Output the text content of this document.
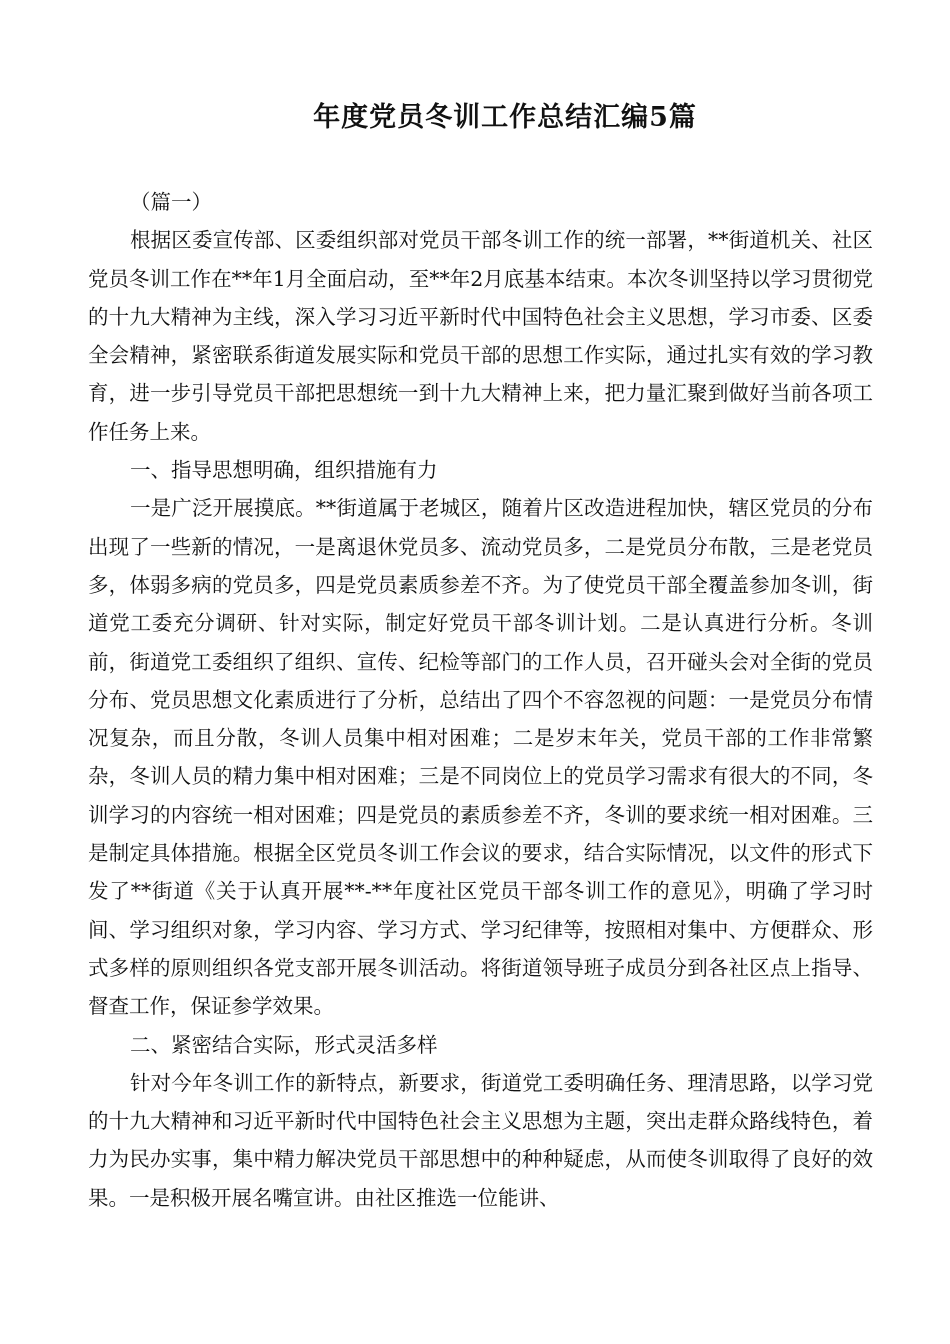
年度党员冬训工作总结汇编5篇

（篇一）

根据区委宣传部、区委组织部对党员干部冬训工作的统一部署，**街道机关、社区党员冬训工作在**年1月全面启动，至**年2月底基本结束。本次冬训坚持以学习贯彻党的十九大精神为主线，深入学习习近平新时代中国特色社会主义思想，学习市委、区委全会精神，紧密联系街道发展实际和党员干部的思想工作实际，通过扎实有效的学习教育，进一步引导党员干部把思想统一到十九大精神上来，把力量汇聚到做好当前各项工作任务上来。

一、指导思想明确，组织措施有力

一是广泛开展摸底。**街道属于老城区，随着片区改造进程加快，辖区党员的分布出现了一些新的情况，一是离退休党员多、流动党员多，二是党员分布散，三是老党员多，体弱多病的党员多，四是党员素质参差不齐。为了使党员干部全覆盖参加冬训，街道党工委充分调研、针对实际，制定好党员干部冬训计划。二是认真进行分析。冬训前，街道党工委组织了组织、宣传、纪检等部门的工作人员，召开碰头会对全街的党员分布、党员思想文化素质进行了分析，总结出了四个不容忽视的问题：一是党员分布情况复杂，而且分散，冬训人员集中相对困难；二是岁末年关，党员干部的工作非常繁杂，冬训人员的精力集中相对困难；三是不同岗位上的党员学习需求有很大的不同，冬训学习的内容统一相对困难；四是党员的素质参差不齐，冬训的要求统一相对困难。三是制定具体措施。根据全区党员冬训工作会议的要求，结合实际情况，以文件的形式下发了**街道《关于认真开展**-**年度社区党员干部冬训工作的意见》，明确了学习时间、学习组织对象，学习内容、学习方式、学习纪律等，按照相对集中、方便群众、形式多样的原则组织各党支部开展冬训活动。将街道领导班子成员分到各社区点上指导、督查工作，保证参学效果。

二、紧密结合实际，形式灵活多样

针对今年冬训工作的新特点，新要求，街道党工委明确任务、理清思路，以学习党的十九大精神和习近平新时代中国特色社会主义思想为主题，突出走群众路线特色，着力为民办实事，集中精力解决党员干部思想中的种种疑虑，从而使冬训取得了良好的效果。一是积极开展名嘴宣讲。由社区推选一位能讲、
